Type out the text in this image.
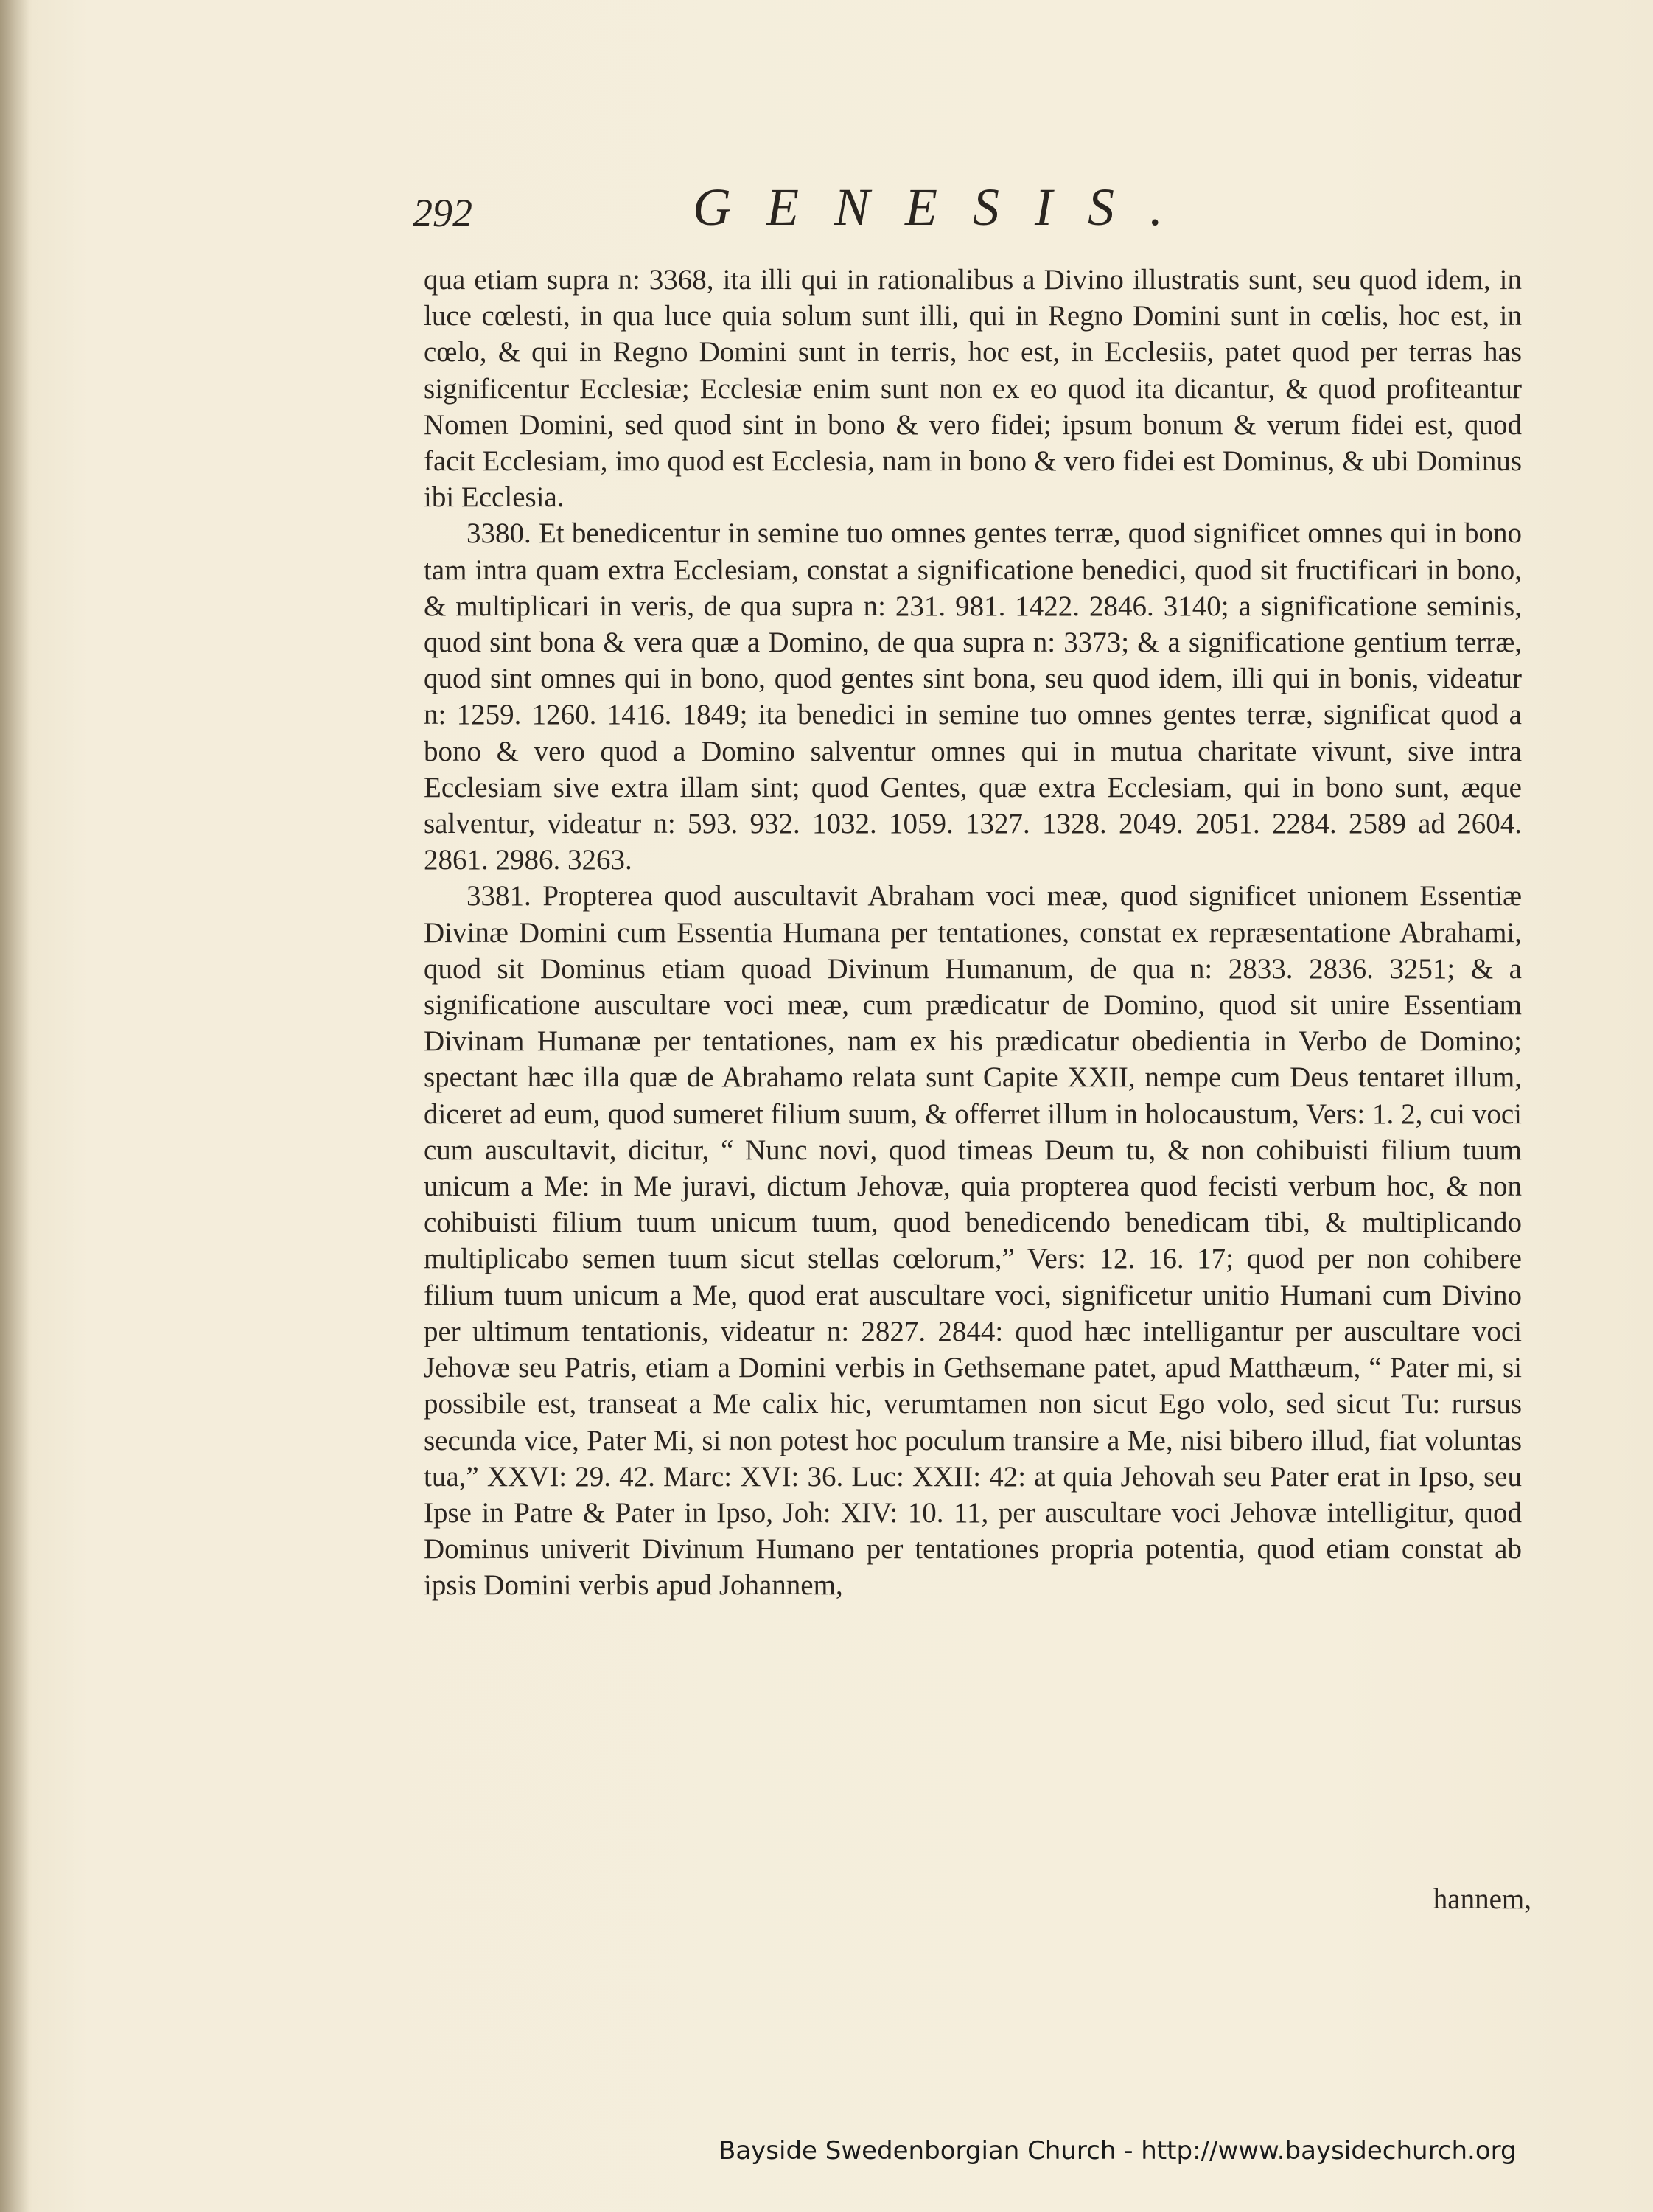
292	GENESIS.

qua etiam supra n: 3368, ita illi qui in rationalibus a Divino illustratis sunt, seu quod idem, in luce cœlesti, in qua luce quia solum sunt illi, qui in Regno Domini sunt in cœlis, hoc est, in cœlo, & qui in Regno Domini sunt in terris, hoc est, in Ecclesiis, patet quod per terras has significentur Ecclesiæ; Ecclesiæ enim sunt non ex eo quod ita dicantur, & quod profiteantur Nomen Domini, sed quod sint in bono & vero fidei; ipsum bonum & verum fidei est, quod facit Ecclesiam, imo quod est Ecclesia, nam in bono & vero fidei est Dominus, & ubi Dominus ibi Ecclesia.

3380. Et benedicentur in semine tuo omnes gentes terræ, quod significet omnes qui in bono tam intra quam extra Ecclesiam, constat a significatione benedici, quod sit fructificari in bono, & multiplicari in veris, de qua supra n: 231. 981. 1422. 2846. 3140; a significatione seminis, quod sint bona & vera quæ a Domino, de qua supra n: 3373; & a significatione gentium terræ, quod sint omnes qui in bono, quod gentes sint bona, seu quod idem, illi qui in bonis, videatur n: 1259. 1260. 1416. 1849; ita benedici in semine tuo omnes gentes terræ, significat quod a bono & vero quod a Domino salventur omnes qui in mutua charitate vivunt, sive intra Ecclesiam sive extra illam sint; quod Gentes, quæ extra Ecclesiam, qui in bono sunt, æque salventur, videatur n: 593. 932. 1032. 1059. 1327. 1328. 2049. 2051. 2284. 2589 ad 2604. 2861. 2986. 3263.

3381. Propterea quod auscultavit Abraham voci meæ, quod significet unionem Essentiæ Divinæ Domini cum Essentia Humana per tentationes, constat ex repræsentatione Abrahami, quod sit Dominus etiam quoad Divinum Humanum, de qua n: 2833. 2836. 3251; & a significatione auscultare voci meæ, cum prædicatur de Domino, quod sit unire Essentiam Divinam Humanæ per tentationes, nam ex his prædicatur obedientia in Verbo de Domino; spectant hæc illa quæ de Abrahamo relata sunt Capite XXII, nempe cum Deus tentaret illum, diceret ad eum, quod sumeret filium suum, & offerret illum in holocaustum, Vers: 1. 2, cui voci cum auscultavit, dicitur, “ Nunc novi, quod timeas Deum tu, & non cohibuisti filium tuum unicum a Me: in Me juravi, dictum Jehovæ, quia propterea quod fecisti verbum hoc, & non cohibuisti filium tuum unicum tuum, quod benedicendo benedicam tibi, & multiplicando multiplicabo semen tuum sicut stellas cœlorum,” Vers: 12. 16. 17; quod per non cohibere filium tuum unicum a Me, quod erat auscultare voci, significetur unitio Humani cum Divino per ultimum tentationis, videatur n: 2827. 2844: quod hæc intelligantur per auscultare voci Jehovæ seu Patris, etiam a Domini verbis in Gethsemane patet, apud Matthæum, “ Pater mi, si possibile est, transeat a Me calix hic, verumtamen non sicut Ego volo, sed sicut Tu: rursus secunda vice, Pater Mi, si non potest hoc poculum transire a Me, nisi bibero illud, fiat voluntas tua,” XXVI: 29. 42. Marc: XVI: 36. Luc: XXII: 42: at quia Jehovah seu Pater erat in Ipso, seu Ipse in Patre & Pater in Ipso, Joh: XIV: 10. 11, per auscultare voci Jehovæ intelligitur, quod Dominus univerit Divinum Humano per tentationes propria potentia, quod etiam constat ab ipsis Domini verbis apud Johannem,

hannem,
Bayside Swedenborgian Church - http://www.baysidechurch.org
